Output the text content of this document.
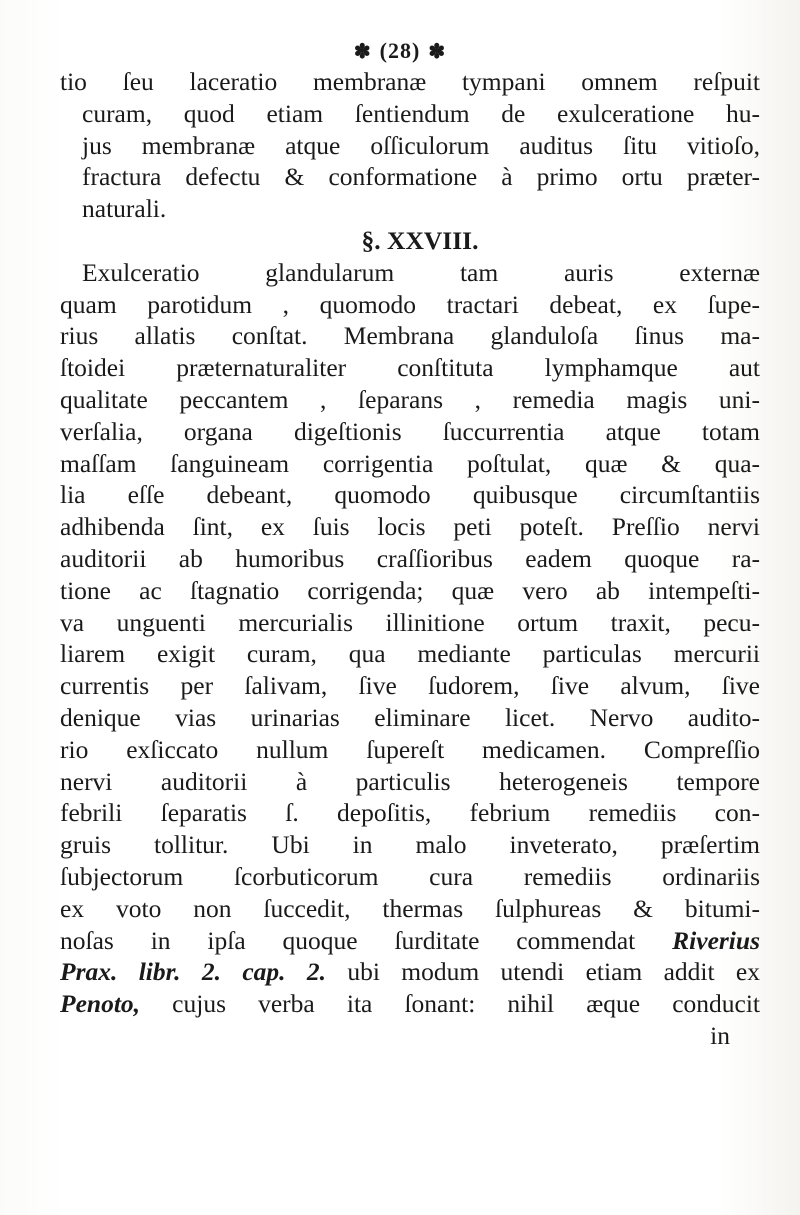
✽ (28) ✽
tio ſeu laceratio membranæ tympani omnem reſpuit
curam, quod etiam ſentiendum de exulceratione hu-
jus membranæ atque oſſiculorum auditus ſitu vitioſo,
fractura defectu & conformatione à primo ortu præter-
naturali.
§. XXVIII.
Exulceratio glandularum tam auris externæ
quam parotidum , quomodo tractari debeat, ex ſupe-
rius allatis conſtat. Membrana glanduloſa ſinus ma-
ſtoidei præternaturaliter conſtituta lymphamque aut
qualitate peccantem , ſeparans , remedia magis uni-
verſalia, organa digeſtionis ſuccurrentia atque totam
maſſam ſanguineam corrigentia poſtulat, quæ & qua-
lia eſſe debeant, quomodo quibusque circumſtantiis
adhibenda ſint, ex ſuis locis peti poteſt. Preſſio nervi
auditorii ab humoribus craſſioribus eadem quoque ra-
tione ac ſtagnatio corrigenda; quæ vero ab intempeſti-
va unguenti mercurialis illinitione ortum traxit, pecu-
liarem exigit curam, qua mediante particulas mercurii
currentis per ſalivam, ſive ſudorem, ſive alvum, ſive
denique vias urinarias eliminare licet. Nervo audito-
rio exſiccato nullum ſupereſt medicamen. Compreſſio
nervi auditorii à particulis heterogeneis tempore
febrili ſeparatis ſ. depoſitis, febrium remediis con-
gruis tollitur. Ubi in malo inveterato, præſertim
ſubjectorum ſcorbuticorum cura remediis ordinariis
ex voto non ſuccedit, thermas ſulphureas & bitumi-
noſas in ipſa quoque ſurditate commendat Riverius
Prax. libr. 2. cap. 2. ubi modum utendi etiam addit ex
Penoto, cujus verba ita ſonant: nihil æque conducit
in
